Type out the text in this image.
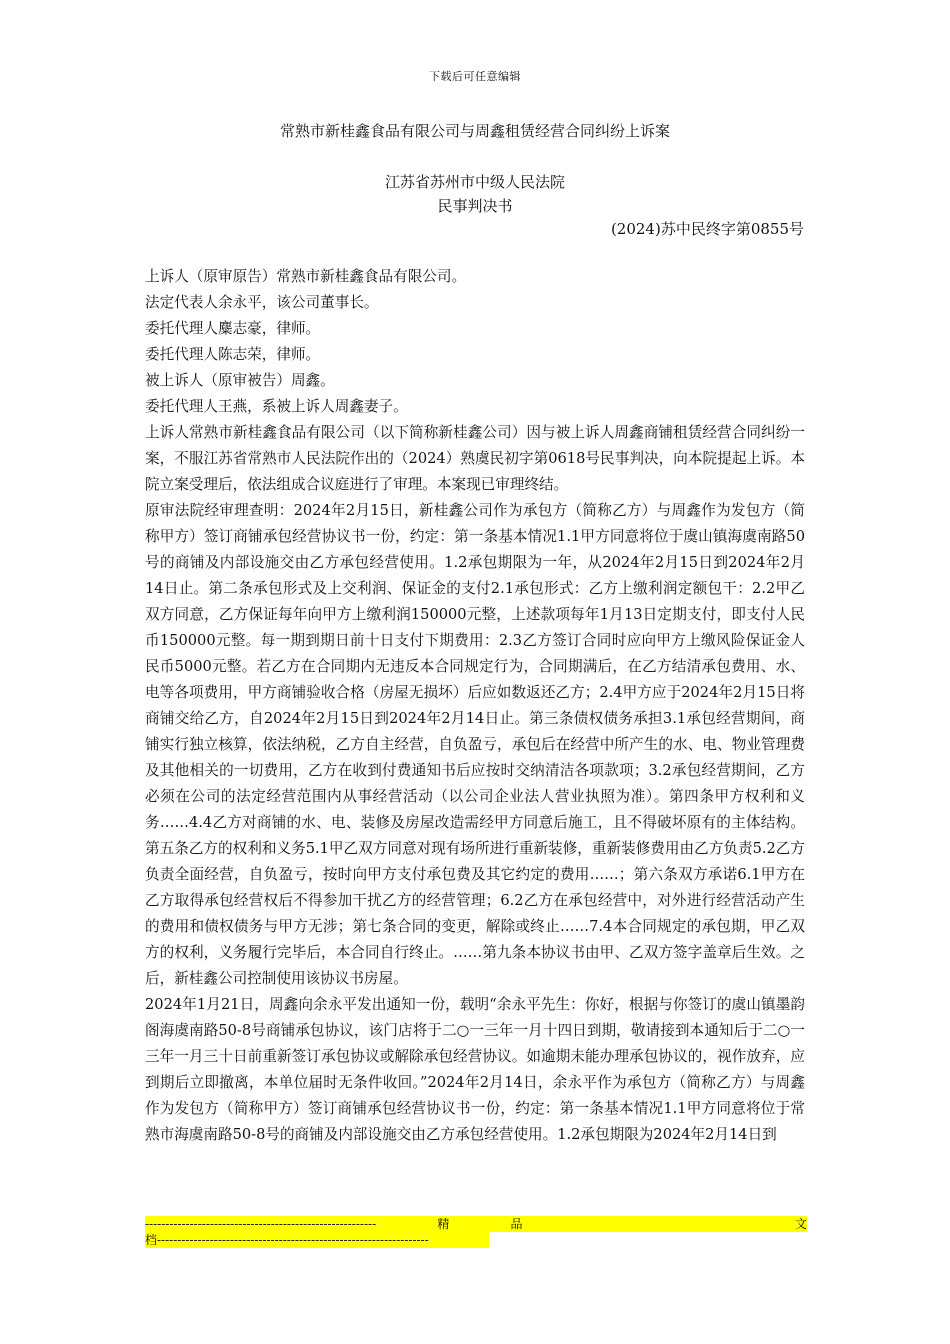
下载后可任意编辑
常熟市新桂鑫食品有限公司与周鑫租赁经营合同纠纷上诉案
江苏省苏州市中级人民法院
民事判决书
(2024)苏中民终字第0855号

上诉人（原审原告）常熟市新桂鑫食品有限公司。

法定代表人余永平，该公司董事长。

委托代理人麋志豪，律师。

委托代理人陈志荣，律师。

被上诉人（原审被告）周鑫。

委托代理人王燕，系被上诉人周鑫妻子。

上诉人常熟市新桂鑫食品有限公司（以下简称新桂鑫公司）因与被上诉人周鑫商铺租赁经营合同纠纷一案，不服江苏省常熟市人民法院作出的（2024）熟虞民初字第0618号民事判决，向本院提起上诉。本院立案受理后，依法组成合议庭进行了审理。本案现已审理终结。

原审法院经审理查明：2024年2月15日，新桂鑫公司作为承包方（简称乙方）与周鑫作为发包方（简称甲方）签订商铺承包经营协议书一份，约定：第一条基本情况1.1甲方同意将位于虞山镇海虞南路50号的商铺及内部设施交由乙方承包经营使用。1.2承包期限为一年，从2024年2月15日到2024年2月14日止。第二条承包形式及上交利润、保证金的支付2.1承包形式：乙方上缴利润定额包干：2.2甲乙双方同意，乙方保证每年向甲方上缴利润150000元整，上述款项每年1月13日定期支付，即支付人民币150000元整。每一期到期日前十日支付下期费用：2.3乙方签订合同时应向甲方上缴风险保证金人民币5000元整。若乙方在合同期内无违反本合同规定行为，合同期满后，在乙方结清承包费用、水、电等各项费用，甲方商铺验收合格（房屋无损坏）后应如数返还乙方；2.4甲方应于2024年2月15日将商铺交给乙方，自2024年2月15日到2024年2月14日止。第三条债权债务承担3.1承包经营期间，商铺实行独立核算，依法纳税，乙方自主经营，自负盈亏，承包后在经营中所产生的水、电、物业管理费及其他相关的一切费用，乙方在收到付费通知书后应按时交纳清洁各项款项；3.2承包经营期间，乙方必须在公司的法定经营范围内从事经营活动（以公司企业法人营业执照为准）。第四条甲方权利和义务……4.4乙方对商铺的水、电、装修及房屋改造需经甲方同意后施工，且不得破坏原有的主体结构。第五条乙方的权利和义务5.1甲乙双方同意对现有场所进行重新装修，重新装修费用由乙方负责5.2乙方负责全面经营，自负盈亏，按时向甲方支付承包费及其它约定的费用……；第六条双方承诺6.1甲方在乙方取得承包经营权后不得参加干扰乙方的经营管理；6.2乙方在承包经营中，对外进行经营活动产生的费用和债权债务与甲方无涉；第七条合同的变更，解除或终止……7.4本合同规定的承包期，甲乙双方的权利，义务履行完毕后，本合同自行终止。……第九条本协议书由甲、乙双方签字盖章后生效。之后，新桂鑫公司控制使用该协议书房屋。

2024年1月21日，周鑫向余永平发出通知一份，载明“余永平先生：你好，根据与你签订的虞山镇墨韵阁海虞南路50-8号商铺承包协议，该门店将于二○一三年一月十四日到期，敬请接到本通知后于二○一三年一月三十日前重新签订承包协议或解除承包经营协议。如逾期未能办理承包协议的，视作放弃，应到期后立即撤离，本单位届时无条件收回。”2024年2月14日，余永平作为承包方（简称乙方）与周鑫作为发包方（简称甲方）签订商铺承包经营协议书一份，约定：第一条基本情况1.1甲方同意将位于常熟市海虞南路50-8号的商铺及内部设施交由乙方承包经营使用。1.2承包期限为2024年2月14日到

---------------------------------------------------------	精	品	文
档-------------------------------------------------------------------
